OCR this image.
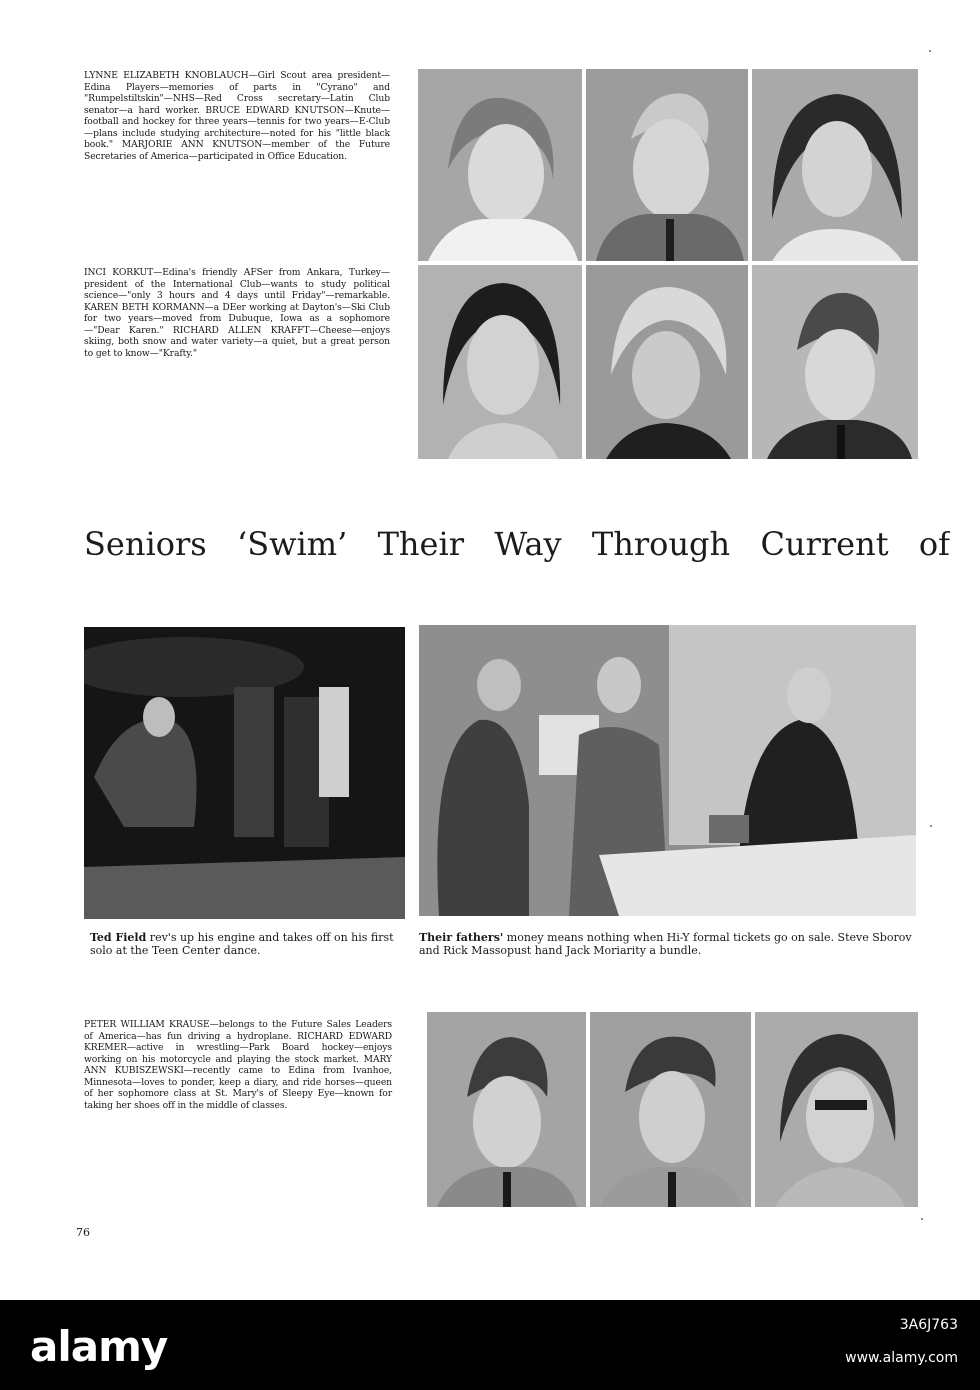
LYNNE ELIZABETH KNOBLAUCH—Girl Scout area president—Edina Players—memories of parts in "Cyrano" and "Rumpelstiltskin"—NHS—Red Cross secretary—Latin Club senator—a hard worker. BRUCE EDWARD KNUTSON—Knute—football and hockey for three years—tennis for two years—E-Club—plans include studying architecture—noted for his "little black book." MARJORIE ANN KNUTSON—member of the Future Secretaries of America—participated in Office Education.

INCI KORKUT—Edina's friendly AFSer from Ankara, Turkey—president of the International Club—wants to study political science—"only 3 hours and 4 days until Friday"—remarkable. KAREN BETH KORMANN—a DEer working at Dayton's—Ski Club for two years—moved from Dubuque, Iowa as a sophomore—"Dear Karen." RICHARD ALLEN KRAFFT—Cheese—enjoys skiing, both snow and water variety—a quiet, but a great person to get to know—"Krafty."

Seniors ‘Swim’ Their Way Through Current of
Ted Field rev's up his engine and takes off on his first solo at the Teen Center dance.
Their fathers' money means nothing when Hi-Y formal tickets go on sale. Steve Sborov and Rick Massopust hand Jack Moriarity a bundle.

PETER WILLIAM KRAUSE—belongs to the Future Sales Leaders of America—has fun driving a hydroplane. RICHARD EDWARD KREMER—active in wrestling—Park Board hockey—enjoys working on his motorcycle and playing the stock market. MARY ANN KUBISZEWSKI—recently came to Edina from Ivanhoe, Minnesota—loves to ponder, keep a diary, and ride horses—queen of her sophomore class at St. Mary's of Sleepy Eye—known for taking her shoes off in the middle of classes.

76
alamy	3A6J763
www.alamy.com
